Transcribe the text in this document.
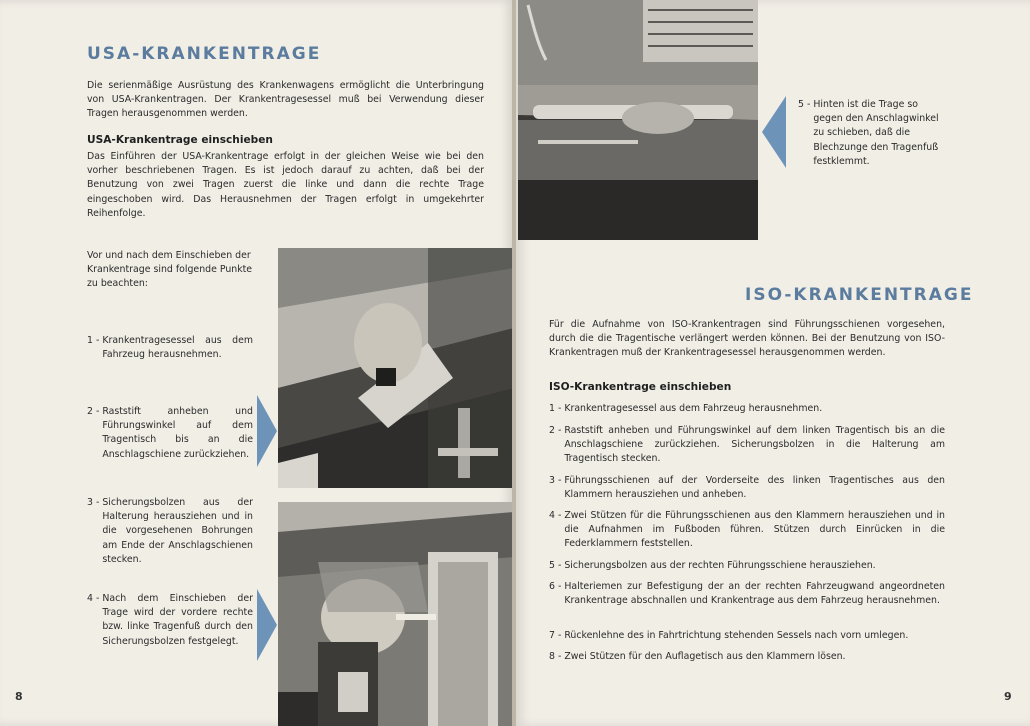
USA-KRANKENTRAGE
Die serienmäßige Ausrüstung des Krankenwagens ermöglicht die Unterbringung von USA-Krankentragen. Der Krankentragesessel muß bei Verwendung dieser Tragen herausgenommen werden.
USA-Krankentrage einschieben
Das Einführen der USA-Krankentrage erfolgt in der gleichen Weise wie bei den vorher beschriebenen Tragen. Es ist jedoch darauf zu achten, daß bei der Benutzung von zwei Tragen zuerst die linke und dann die rechte Trage eingeschoben wird. Das Herausnehmen der Tragen erfolgt in umgekehrter Reihenfolge.
Vor und nach dem Einschieben der Krankentrage sind folgende Punkte zu beachten:
1 - Krankentragesessel aus dem Fahrzeug herausnehmen.
2 - Raststift anheben und Führungswinkel auf dem Tragentisch bis an die Anschlagschiene zurückziehen.
3 - Sicherungsbolzen aus der Halterung herausziehen und in die vorgesehenen Bohrungen am Ende der Anschlagschienen stecken.
4 - Nach dem Einschieben der Trage wird der vordere rechte bzw. linke Tragenfuß durch den Sicherungsbolzen festgelegt.
8
5 - Hinten ist die Trage so gegen den Anschlagwinkel zu schieben, daß die Blechzunge den Tragenfuß festklemmt.
ISO-KRANKENTRAGE
Für die Aufnahme von ISO-Krankentragen sind Führungsschienen vorgesehen, durch die die Tragentische verlängert werden können. Bei der Benutzung von ISO-Krankentragen muß der Krankentragesessel herausgenommen werden.
ISO-Krankentrage einschieben
1 - Krankentragesessel aus dem Fahrzeug herausnehmen.
2 - Raststift anheben und Führungswinkel auf dem linken Tragentisch bis an die Anschlagschiene zurückziehen. Sicherungsbolzen in die Halterung am Tragentisch stecken.
3 - Führungsschienen auf der Vorderseite des linken Tragentisches aus den Klammern herausziehen und anheben.
4 - Zwei Stützen für die Führungsschienen aus den Klammern herausziehen und in die Aufnahmen im Fußboden führen. Stützen durch Einrücken in die Federklammern feststellen.
5 - Sicherungsbolzen aus der rechten Führungsschiene herausziehen.
6 - Halteriemen zur Befestigung der an der rechten Fahrzeugwand angeordneten Krankentrage abschnallen und Krankentrage aus dem Fahrzeug herausnehmen.
7 - Rückenlehne des in Fahrtrichtung stehenden Sessels nach vorn umlegen.
8 - Zwei Stützen für den Auflagetisch aus den Klammern lösen.
9
